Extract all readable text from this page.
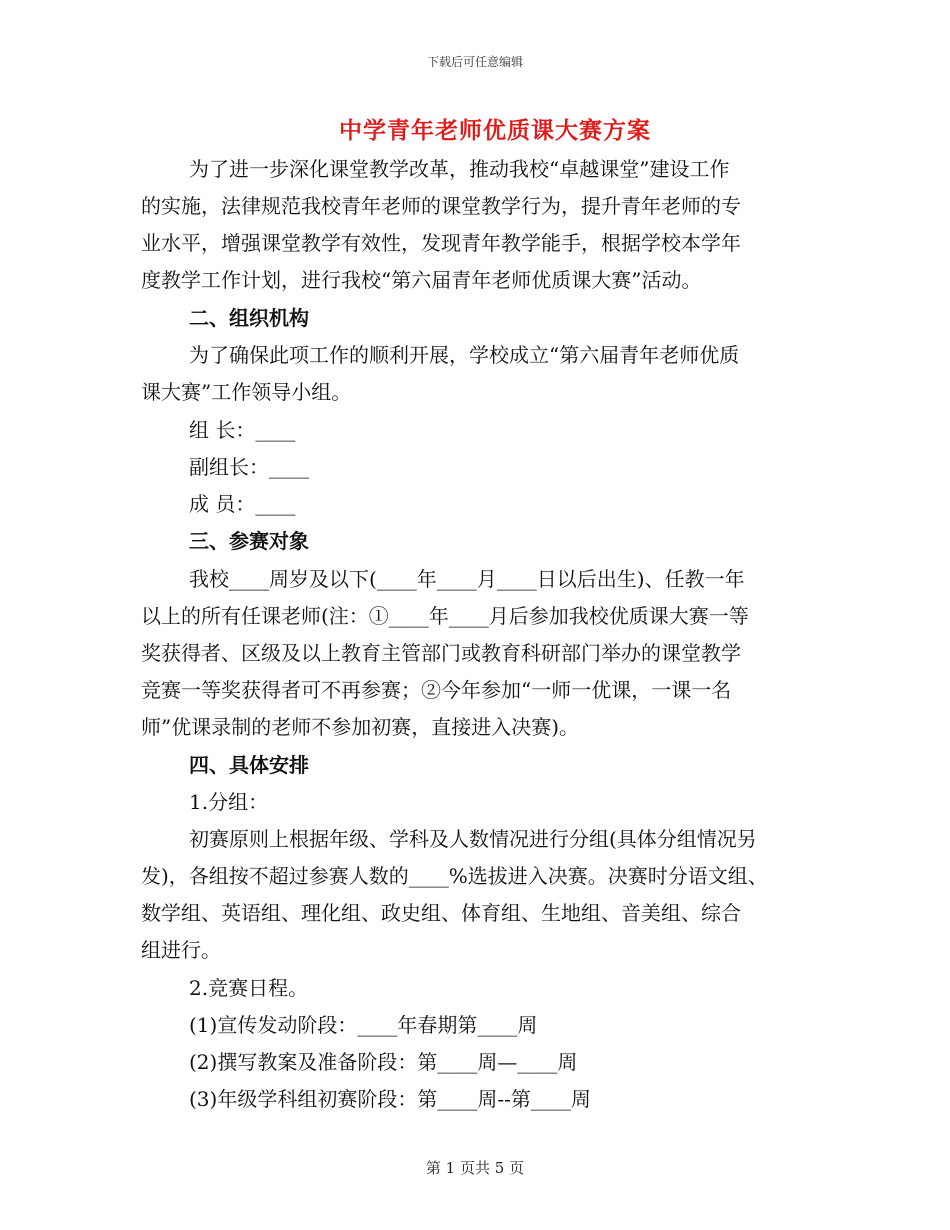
下载后可任意编辑
中学青年老师优质课大赛方案
为了进一步深化课堂教学改革，推动我校“卓越课堂”建设工作
的实施，法律规范我校青年老师的课堂教学行为，提升青年老师的专
业水平，增强课堂教学有效性，发现青年教学能手，根据学校本学年
度教学工作计划，进行我校“第六届青年老师优质课大赛”活动。
二、组织机构
为了确保此项工作的顺利开展，学校成立“第六届青年老师优质
课大赛”工作领导小组。
组 长：____
副组长：____
成 员：____
三、参赛对象
我校____周岁及以下(____年____月____日以后出生)、任教一年
以上的所有任课老师(注：①____年____月后参加我校优质课大赛一等
奖获得者、区级及以上教育主管部门或教育科研部门举办的课堂教学
竞赛一等奖获得者可不再参赛；②今年参加“一师一优课，一课一名
师”优课录制的老师不参加初赛，直接进入决赛)。
四、具体安排
1.分组：
初赛原则上根据年级、学科及人数情况进行分组(具体分组情况另
发)，各组按不超过参赛人数的____%选拔进入决赛。决赛时分语文组、
数学组、英语组、理化组、政史组、体育组、生地组、音美组、综合
组进行。
2.竞赛日程。
(1)宣传发动阶段：____年春期第____周
(2)撰写教案及准备阶段：第____周—____周
(3)年级学科组初赛阶段：第____周--第____周
第 1 页共 5 页
